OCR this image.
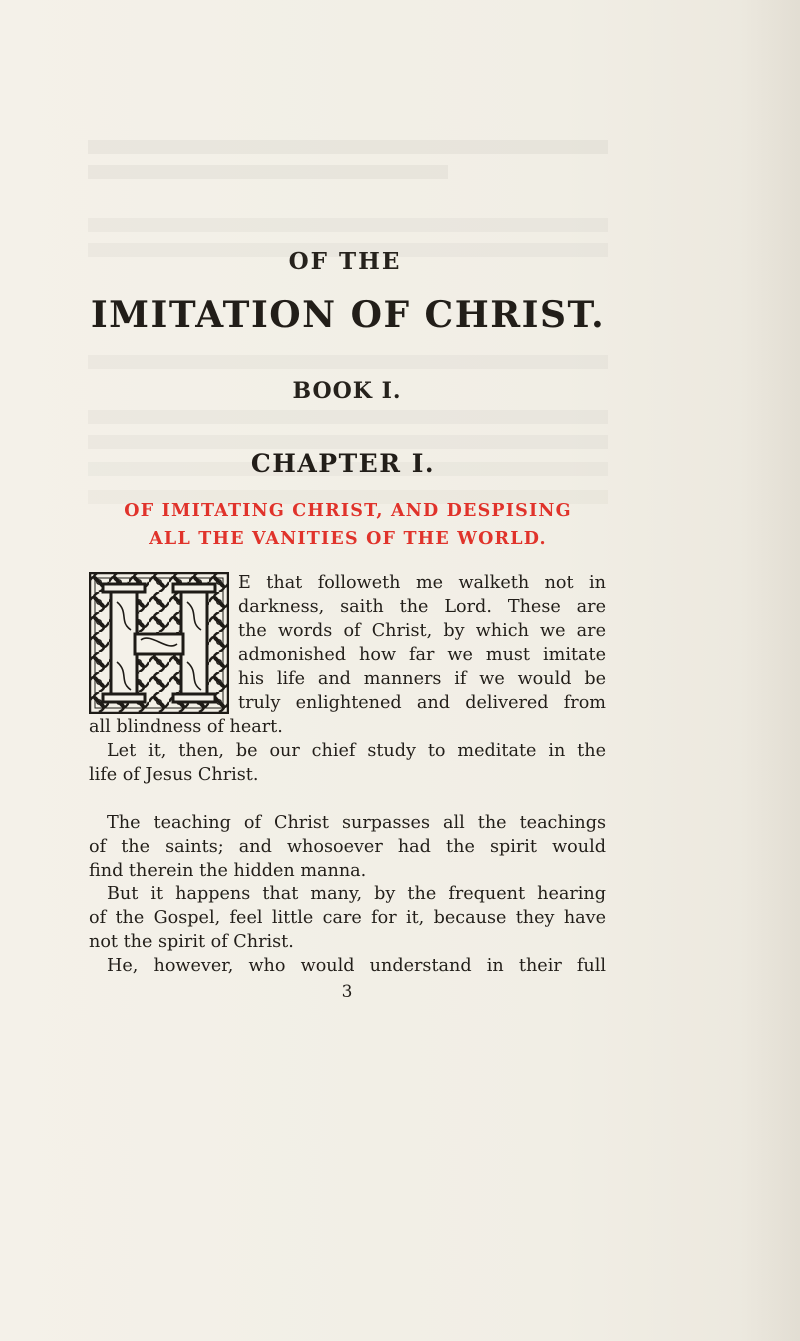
OF THE
IMITATION OF CHRIST.
BOOK I.
CHAPTER I.
OF IMITATING CHRIST, AND DESPISING
ALL THE VANITIES OF THE WORLD.
E that followeth me walketh not in
darkness, saith the Lord. These are
the words of Christ, by which we are
admonished how far we must imitate
his life and manners if we would be
truly enlightened and delivered from
all blindness of heart.
Let it, then, be our chief study to meditate in the
life of Jesus Christ.
The teaching of Christ surpasses all the teachings
of the saints; and whosoever had the spirit would
find therein the hidden manna.
But it happens that many, by the frequent hearing
of the Gospel, feel little care for it, because they have
not the spirit of Christ.
He, however, who would understand in their full
3
